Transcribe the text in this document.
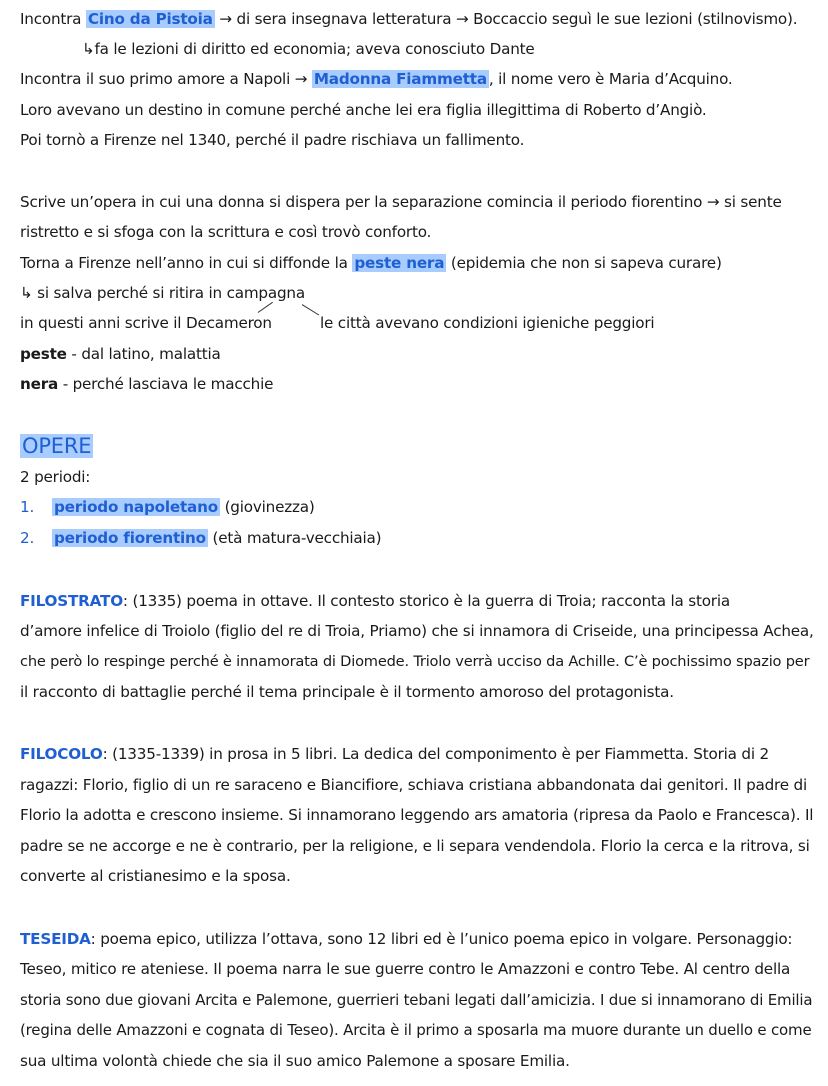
Incontra Cino da Pistoia → di sera insegnava letteratura → Boccaccio seguì le sue lezioni (stilnovismo).
↳fa le lezioni di diritto ed economia; aveva conosciuto Dante
Incontra il suo primo amore a Napoli → Madonna Fiammetta , il nome vero è Maria d’Acquino.
Loro avevano un destino in comune perché anche lei era figlia illegittima di Roberto d’Angiò.
Poi tornò a Firenze nel 1340, perché il padre rischiava un fallimento.
Scrive un’opera in cui una donna si dispera per la separazione comincia il periodo fiorentino → si sente
ristretto e si sfoga con la scrittura e così trovò conforto.
Torna a Firenze nell’anno in cui si diffonde la peste nera (epidemia che non si sapeva curare)
↳ si salva perché si ritira in campagna
in questi anni scrive il Decameron	le città avevano condizioni igieniche peggiori
peste - dal latino, malattia
nera - perché lasciava le macchie
OPERE
2 periodi:
1. periodo napoletano (giovinezza)
2. periodo fiorentino (età matura-vecchiaia)
FILOSTRATO: (1335) poema in ottave. Il contesto storico è la guerra di Troia; racconta la storia
d’amore infelice di Troiolo (figlio del re di Troia, Priamo) che si innamora di Criseide, una principessa Achea,
che però lo respinge perché è innamorata di Diomede. Triolo verrà ucciso da Achille. C’è pochissimo spazio per
il racconto di battaglie perché il tema principale è il tormento amoroso del protagonista.
FILOCOLO: (1335-1339) in prosa in 5 libri. La dedica del componimento è per Fiammetta. Storia di 2
ragazzi: Florio, figlio di un re saraceno e Biancifiore, schiava cristiana abbandonata dai genitori. Il padre di
Florio la adotta e crescono insieme. Si innamorano leggendo ars amatoria (ripresa da Paolo e Francesca). Il
padre se ne accorge e ne è contrario, per la religione, e li separa vendendola. Florio la cerca e la ritrova, si
converte al cristianesimo e la sposa.
TESEIDA: poema epico, utilizza l’ottava, sono 12 libri ed è l’unico poema epico in volgare. Personaggio:
Teseo, mitico re ateniese. Il poema narra le sue guerre contro le Amazzoni e contro Tebe. Al centro della
storia sono due giovani Arcita e Palemone, guerrieri tebani legati dall’amicizia. I due si innamorano di Emilia
(regina delle Amazzoni e cognata di Teseo). Arcita è il primo a sposarla ma muore durante un duello e come
sua ultima volontà chiede che sia il suo amico Palemone a sposare Emilia.
